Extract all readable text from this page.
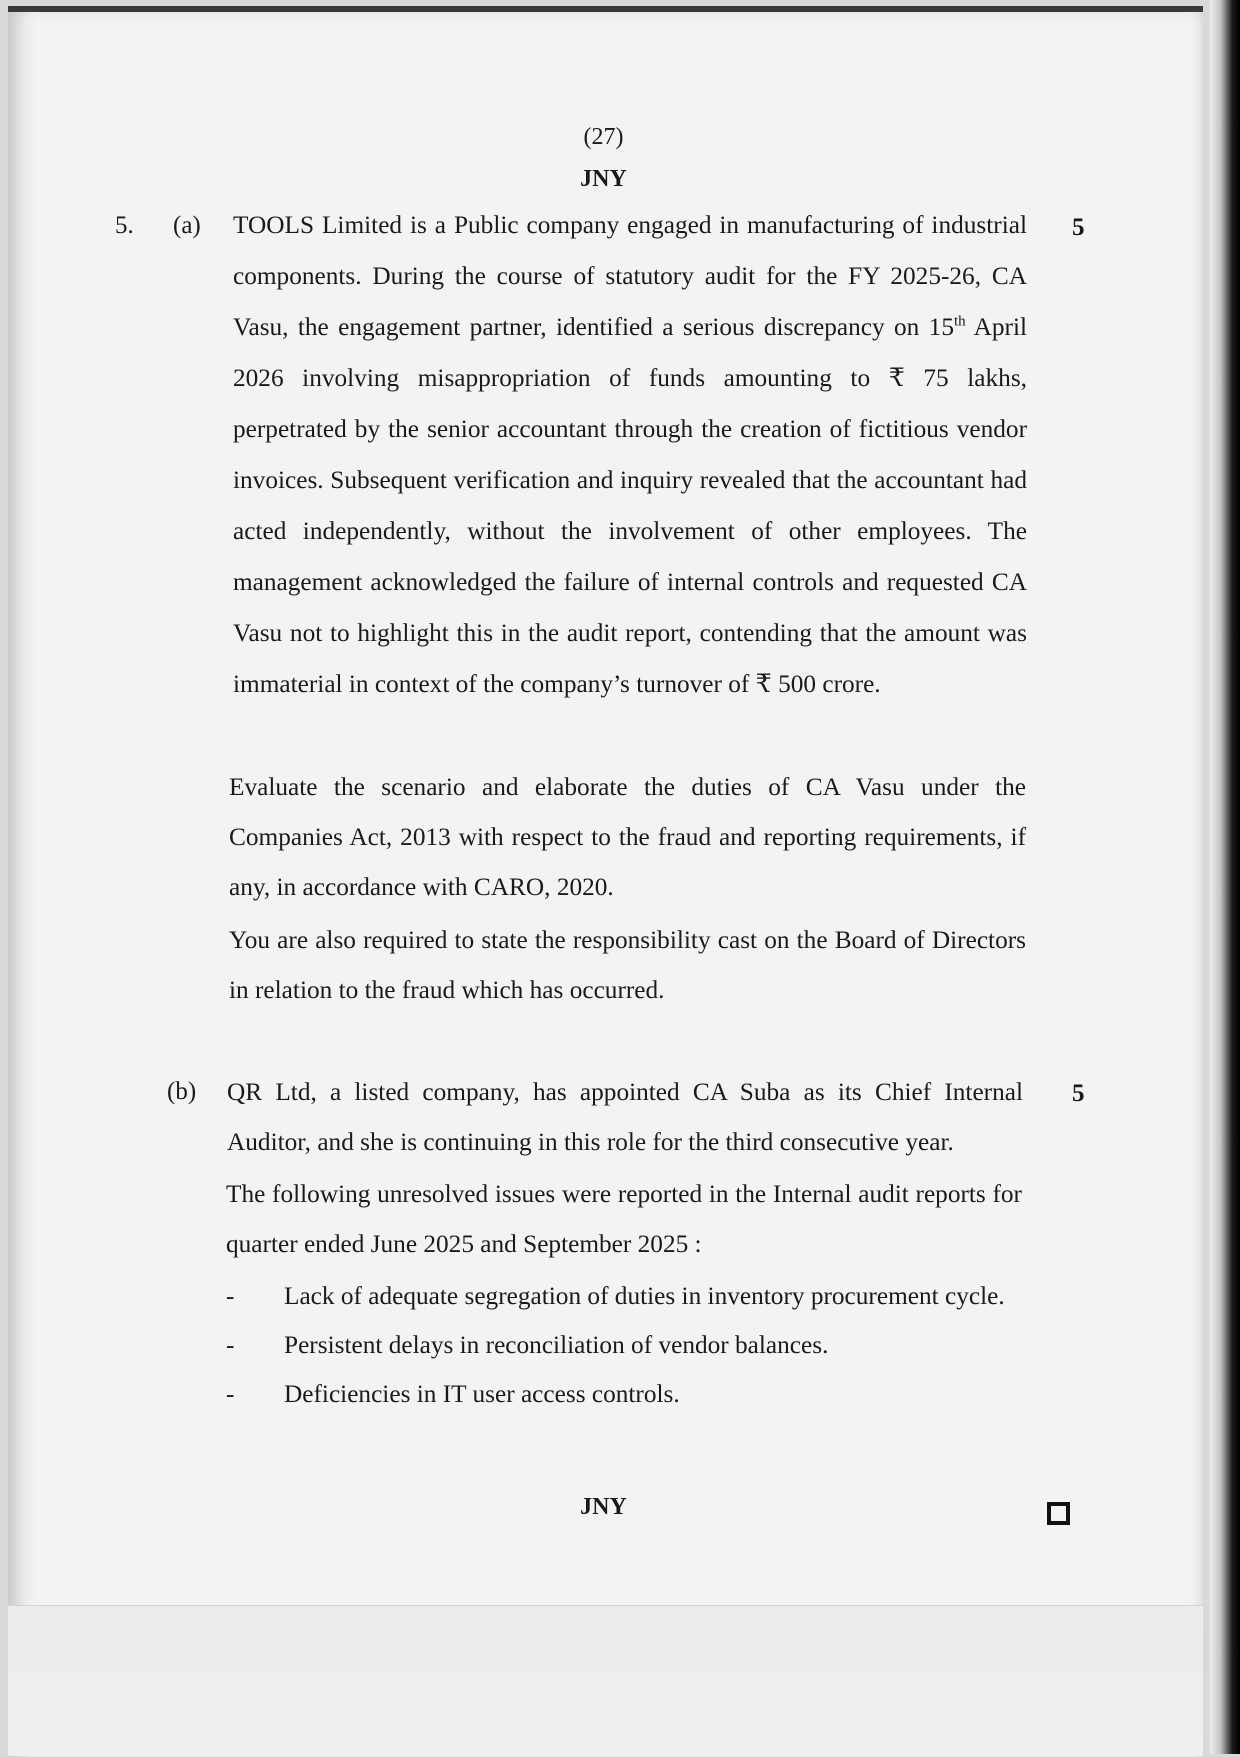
(27)
JNY
5. (a)	5

TOOLS Limited is a Public company engaged in manufacturing of industrial components. During the course of statutory audit for the FY 2025-26, CA Vasu, the engagement partner, identified a serious discrepancy on 15th April 2026 involving misappropriation of funds amounting to ₹ 75 lakhs, perpetrated by the senior accountant through the creation of fictitious vendor invoices. Subsequent verification and inquiry revealed that the accountant had acted independently, without the involvement of other employees. The management acknowledged the failure of internal controls and requested CA Vasu not to highlight this in the audit report, contending that the amount was immaterial in context of the company’s turnover of ₹ 500 crore.

Evaluate the scenario and elaborate the duties of CA Vasu under the Companies Act, 2013 with respect to the fraud and reporting requirements, if any, in accordance with CARO, 2020.

You are also required to state the responsibility cast on the Board of Directors in relation to the fraud which has occurred.

(b)	5

QR Ltd, a listed company, has appointed CA Suba as its Chief Internal Auditor, and she is continuing in this role for the third consecutive year.

The following unresolved issues were reported in the Internal audit reports for quarter ended June 2025 and September 2025 :

- Lack of adequate segregation of duties in inventory procurement cycle.
- Persistent delays in reconciliation of vendor balances.
- Deficiencies in IT user access controls.
JNY
